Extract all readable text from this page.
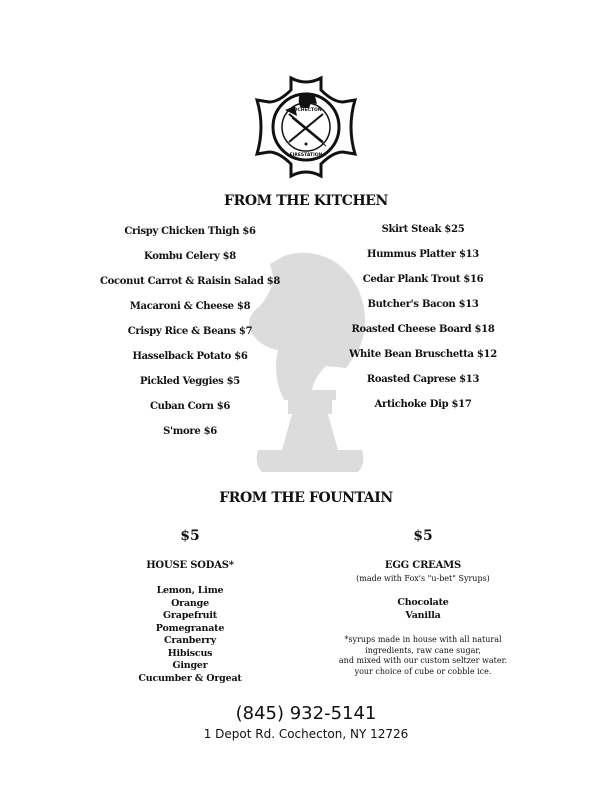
COCHECTON
FIRESTATION
FROM THE KITCHEN
Crispy Chicken Thigh $6
Kombu Celery $8
Coconut Carrot & Raisin Salad $8
Macaroni & Cheese $8
Crispy Rice & Beans $7
Hasselback Potato $6
Pickled Veggies $5
Cuban Corn $6
S'more $6
Skirt Steak $25
Hummus Platter $13
Cedar Plank Trout $16
Butcher's Bacon $13
Roasted Cheese Board $18
White Bean Bruschetta $12
Roasted Caprese $13
Artichoke Dip $17
FROM THE FOUNTAIN
$5	$5
HOUSE SODAS*	EGG CREAMS
(made with Fox's "u-bet" Syrups)
Lemon, Lime
Orange
Grapefruit
Pomegranate
Cranberry
Hibiscus
Ginger
Cucumber & Orgeat
Chocolate
Vanilla
*syrups made in house with all natural
ingredients, raw cane sugar,
and mixed with our custom seltzer water.
your choice of cube or cobble ice.
(845) 932-5141
1 Depot Rd. Cochecton, NY 12726
